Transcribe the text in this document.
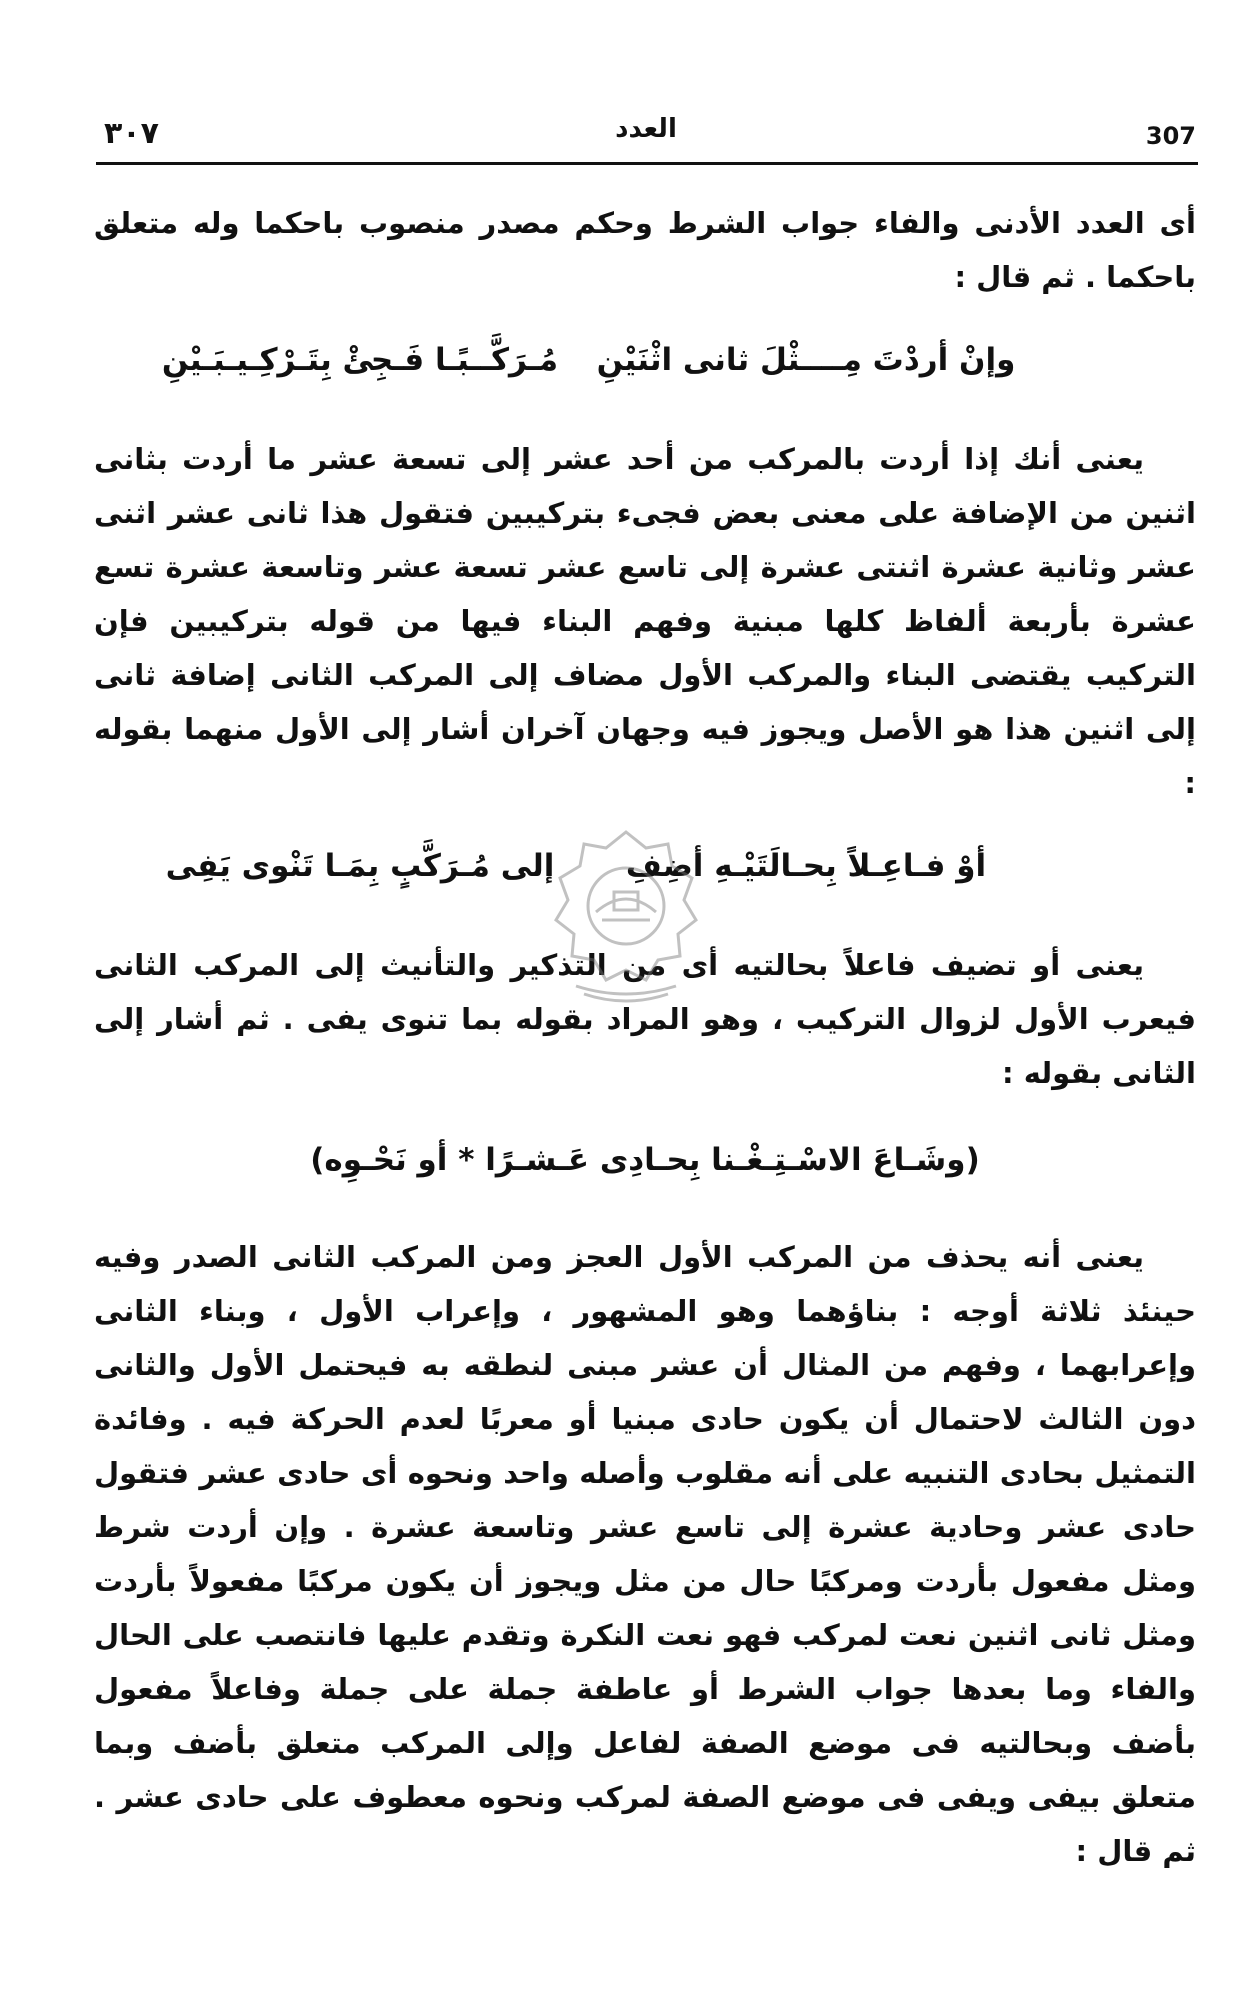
307
العدد
٣٠٧

أى العدد الأدنى والفاء جواب الشرط وحكم مصدر منصوب باحكما وله متعلق باحكما . ثم قال :

وإنْ أردْتَ مِــــثْلَ ثانى اثْنَيْنِ
مُـرَكَّــبًـا فَـجِئْ بِتَـرْكِـيـبَـيْنِ

يعنى أنك إذا أردت بالمركب من أحد عشر إلى تسعة عشر ما أردت بثانى اثنين من الإضافة على معنى بعض فجىء بتركيبين فتقول هذا ثانى عشر اثنى عشر وثانية عشرة اثنتى عشرة إلى تاسع عشر تسعة عشر وتاسعة عشرة تسع عشرة بأربعة ألفاظ كلها مبنية وفهم البناء فيها من قوله بتركيبين فإن التركيب يقتضى البناء والمركب الأول مضاف إلى المركب الثانى إضافة ثانى إلى اثنين هذا هو الأصل ويجوز فيه وجهان آخران أشار إلى الأول منهما بقوله :

أوْ فـاعِـلاً بِحـالَتَيْـهِ أضِفِ
إلى مُـرَكَّبٍ بِمَـا تَنْوى يَفِى

يعنى أو تضيف فاعلاً بحالتيه أى من التذكير والتأنيث إلى المركب الثانى فيعرب الأول لزوال التركيب ، وهو المراد بقوله بما تنوى يفى . ثم أشار إلى الثانى بقوله :

(وشَـاعَ الاسْـتِـغْـنا بِحـادِى عَـشـرًا * أو نَحْـوِه)

يعنى أنه يحذف من المركب الأول العجز ومن المركب الثانى الصدر وفيه حينئذ ثلاثة أوجه : بناؤهما وهو المشهور ، وإعراب الأول ، وبناء الثانى وإعرابهما ، وفهم من المثال أن عشر مبنى لنطقه به فيحتمل الأول والثانى دون الثالث لاحتمال أن يكون حادى مبنيا أو معربًا لعدم الحركة فيه . وفائدة التمثيل بحادى التنبيه على أنه مقلوب وأصله واحد ونحوه أى حادى عشر فتقول حادى عشر وحادية عشرة إلى تاسع عشر وتاسعة عشرة . وإن أردت شرط ومثل مفعول بأردت ومركبًا حال من مثل ويجوز أن يكون مركبًا مفعولاً بأردت ومثل ثانى اثنين نعت لمركب فهو نعت النكرة وتقدم عليها فانتصب على الحال والفاء وما بعدها جواب الشرط أو عاطفة جملة على جملة وفاعلاً مفعول بأضف وبحالتيه فى موضع الصفة لفاعل وإلى المركب متعلق بأضف وبما متعلق بيفى ويفى فى موضع الصفة لمركب ونحوه معطوف على حادى عشر . ثم قال :
